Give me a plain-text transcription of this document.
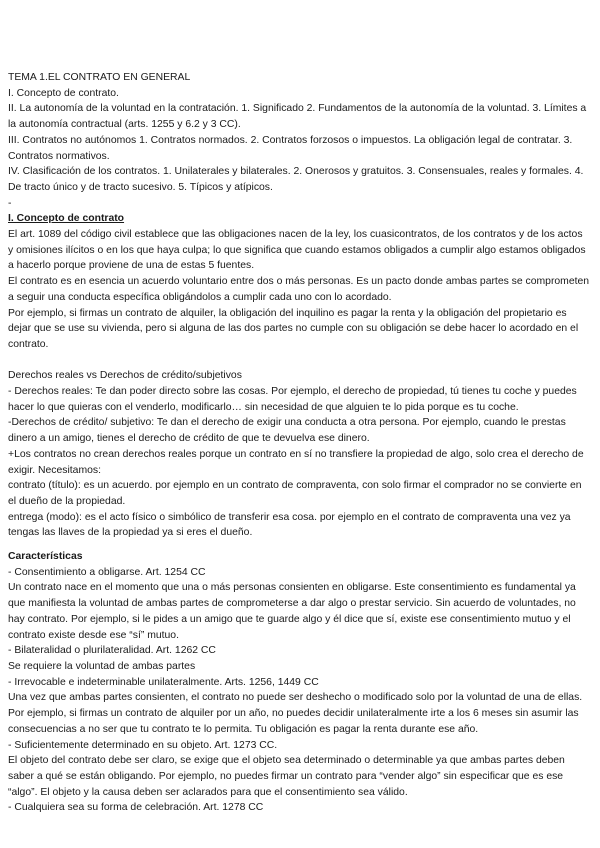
TEMA 1.EL CONTRATO EN GENERAL
I. Concepto de contrato.
II. La autonomía de la voluntad en la contratación. 1. Significado 2. Fundamentos de la autonomía de la voluntad. 3. Límites a la autonomía contractual (arts. 1255 y 6.2 y 3 CC).
III. Contratos no autónomos 1. Contratos normados. 2. Contratos forzosos o impuestos. La obligación legal de contratar. 3. Contratos normativos.
IV. Clasificación de los contratos. 1. Unilaterales y bilaterales. 2. Onerosos y gratuitos. 3. Consensuales, reales y formales. 4. De tracto único y de tracto sucesivo. 5. Típicos y atípicos.
-
I. Concepto de contrato
El art. 1089 del código civil establece que las obligaciones nacen de la ley, los cuasicontratos, de los contratos y de los actos y omisiones ilícitos o en los que haya culpa; lo que significa que cuando estamos obligados a cumplir algo estamos obligados a hacerlo porque proviene de una de estas 5 fuentes.
El contrato es en esencia un acuerdo voluntario entre dos o más personas. Es un pacto donde ambas partes se comprometen a seguir una conducta específica obligándolos a cumplir cada uno con lo acordado.
Por ejemplo, si firmas un contrato de alquiler, la obligación del inquilino es pagar la renta y la obligación del propietario es dejar que se use su vivienda, pero si alguna de las dos partes no cumple con su obligación se debe hacer lo acordado en el contrato.
Derechos reales vs Derechos de crédito/subjetivos
- Derechos reales: Te dan poder directo sobre las cosas. Por ejemplo, el derecho de propiedad, tú tienes tu coche y puedes hacer lo que quieras con el venderlo, modificarlo… sin necesidad de que alguien te lo pida porque es tu coche.
-Derechos de crédito/ subjetivo: Te dan el derecho de exigir una conducta a otra persona. Por ejemplo, cuando le prestas dinero a un amigo, tienes el derecho de crédito de que te devuelva ese dinero.
+Los contratos no crean derechos reales porque un contrato en sí no transfiere la propiedad de algo, solo crea el derecho de exigir. Necesitamos:
contrato (título): es un acuerdo. por ejemplo en un contrato de compraventa, con solo firmar el comprador no se convierte en el dueño de la propiedad.
entrega (modo): es el acto físico o simbólico de transferir esa cosa. por ejemplo en el contrato de compraventa una vez ya tengas las llaves de la propiedad ya si eres el dueño.
Características
- Consentimiento a obligarse. Art. 1254 CC
Un contrato nace en el momento que una o más personas consienten en obligarse. Este consentimiento es fundamental ya que manifiesta la voluntad de ambas partes de comprometerse a dar algo o prestar servicio. Sin acuerdo de voluntades, no hay contrato. Por ejemplo, si le pides a un amigo que te guarde algo y él dice que sí, existe ese consentimiento mutuo y el contrato existe desde ese “sí” mutuo.
- Bilateralidad o plurilateralidad. Art. 1262 CC
Se requiere la voluntad de ambas partes
- Irrevocable e indeterminable unilateralmente. Arts. 1256, 1449 CC
Una vez que ambas partes consienten, el contrato no puede ser deshecho o modificado solo por la voluntad de una de ellas. Por ejemplo, si firmas un contrato de alquiler por un año, no puedes decidir unilateralmente irte a los 6 meses sin asumir las consecuencias a no ser que tu contrato te lo permita. Tu obligación es pagar la renta durante ese año.
- Suficientemente determinado en su objeto. Art. 1273 CC.
El objeto del contrato debe ser claro, se exige que el objeto sea determinado o determinable ya que ambas partes deben saber a qué se están obligando. Por ejemplo, no puedes firmar un contrato para “vender algo” sin especificar que es ese “algo”. El objeto y la causa deben ser aclarados para que el consentimiento sea válido.
- Cualquiera sea su forma de celebración. Art. 1278 CC
